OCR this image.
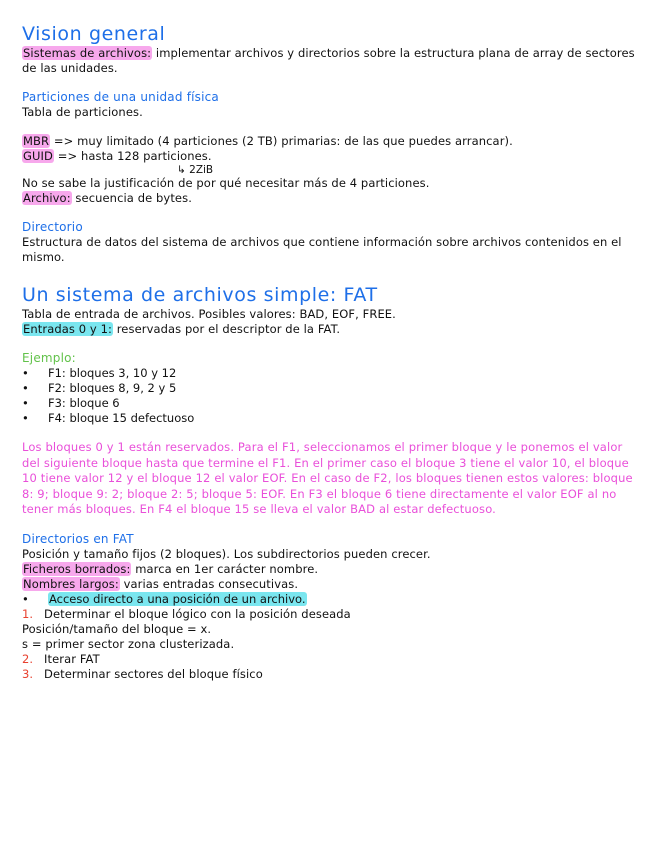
Vision general

Sistemas de archivos: implementar archivos y directorios sobre la estructura plana de array de sectores de las unidades.

Particiones de una unidad física

Tabla de particiones.

MBR => muy limitado (4 particiones (2 TB) primarias: de las que puedes arrancar).

GUID => hasta 128 particiones.

↳ 2ZiB

No se sabe la justificación de por qué necesitar más de 4 particiones.

Archivo: secuencia de bytes.

Directorio

Estructura de datos del sistema de archivos que contiene información sobre archivos contenidos en el mismo.

Un sistema de archivos simple: FAT

Tabla de entrada de archivos. Posibles valores: BAD, EOF, FREE.

Entradas 0 y 1: reservadas por el descriptor de la FAT.

Ejemplo:
• F1: bloques 3, 10 y 12
• F2: bloques 8, 9, 2 y 5
• F3: bloque 6
• F4: bloque 15 defectuoso

Los bloques 0 y 1 están reservados. Para el F1, seleccionamos el primer bloque y le ponemos el valor del siguiente bloque hasta que termine el F1. En el primer caso el bloque 3 tiene el valor 10, el bloque 10 tiene valor 12 y el bloque 12 el valor EOF. En el caso de F2, los bloques tienen estos valores: bloque 8: 9; bloque 9: 2; bloque 2: 5; bloque 5: EOF. En F3 el bloque 6 tiene directamente el valor EOF al no tener más bloques. En F4 el bloque 15 se lleva el valor BAD al estar defectuoso.

Directorios en FAT

Posición y tamaño fijos (2 bloques). Los subdirectorios pueden crecer.

Ficheros borrados: marca en 1er carácter nombre.

Nombres largos: varias entradas consecutivas.

• Acceso directo a una posición de un archivo.

1. Determinar el bloque lógico con la posición deseada

Posición/tamaño del bloque = x.

s = primer sector zona clusterizada.

2. Iterar FAT

3. Determinar sectores del bloque físico
